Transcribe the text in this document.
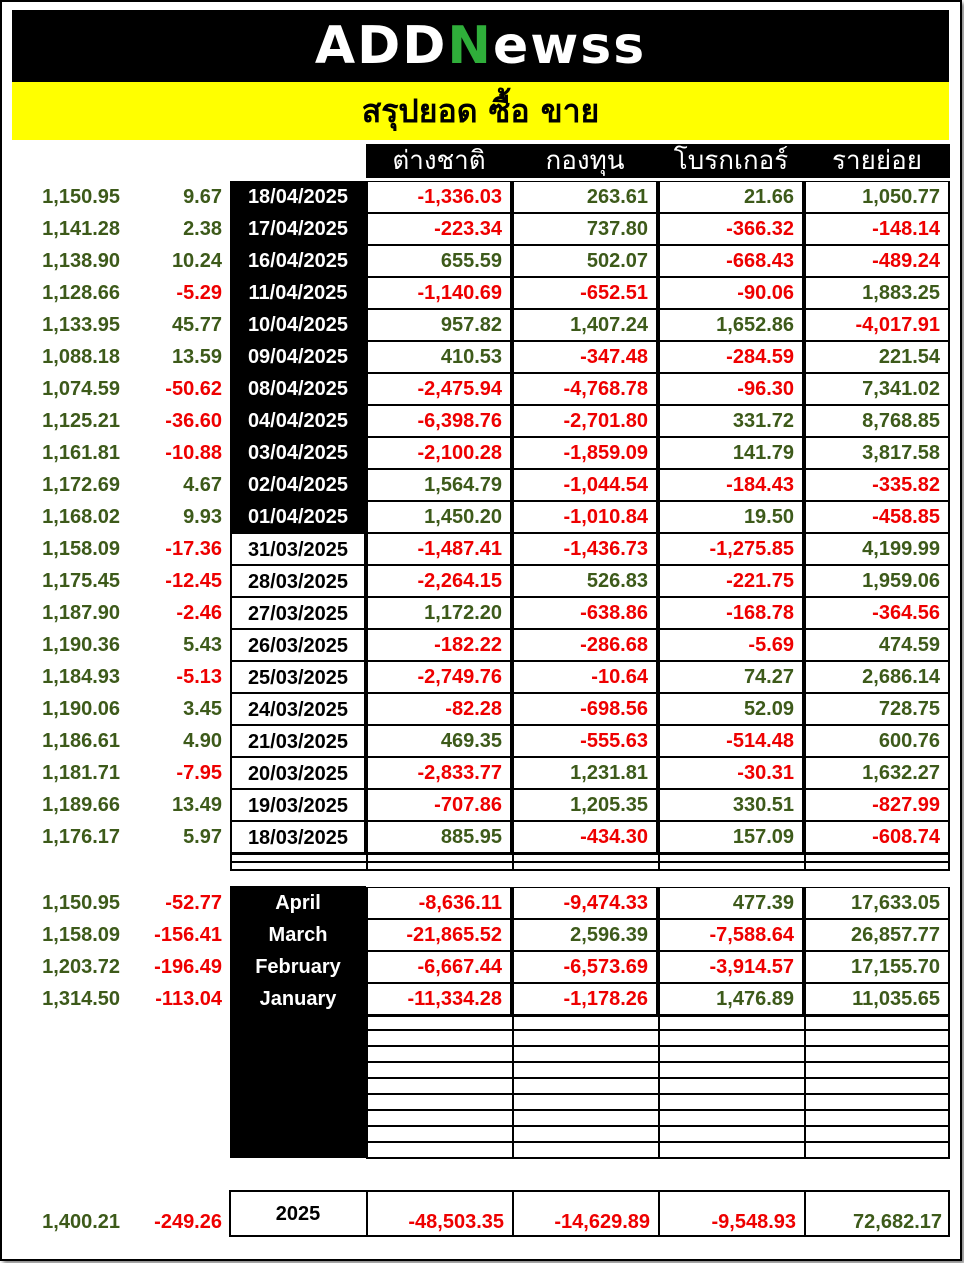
ADDNewss
สรุปยอด ซื้อ ขาย
ต่างชาติ	กองทุน	โบรกเกอร์	รายย่อย
1,150.95	9.67	18/04/2025	-1,336.03	263.61	21.66	1,050.77
1,141.28	2.38	17/04/2025	-223.34	737.80	-366.32	-148.14
1,138.90	10.24	16/04/2025	655.59	502.07	-668.43	-489.24
1,128.66	-5.29	11/04/2025	-1,140.69	-652.51	-90.06	1,883.25
1,133.95	45.77	10/04/2025	957.82	1,407.24	1,652.86	-4,017.91
1,088.18	13.59	09/04/2025	410.53	-347.48	-284.59	221.54
1,074.59	-50.62	08/04/2025	-2,475.94	-4,768.78	-96.30	7,341.02
1,125.21	-36.60	04/04/2025	-6,398.76	-2,701.80	331.72	8,768.85
1,161.81	-10.88	03/04/2025	-2,100.28	-1,859.09	141.79	3,817.58
1,172.69	4.67	02/04/2025	1,564.79	-1,044.54	-184.43	-335.82
1,168.02	9.93	01/04/2025	1,450.20	-1,010.84	19.50	-458.85
1,158.09	-17.36	31/03/2025	-1,487.41	-1,436.73	-1,275.85	4,199.99
1,175.45	-12.45	28/03/2025	-2,264.15	526.83	-221.75	1,959.06
1,187.90	-2.46	27/03/2025	1,172.20	-638.86	-168.78	-364.56
1,190.36	5.43	26/03/2025	-182.22	-286.68	-5.69	474.59
1,184.93	-5.13	25/03/2025	-2,749.76	-10.64	74.27	2,686.14
1,190.06	3.45	24/03/2025	-82.28	-698.56	52.09	728.75
1,186.61	4.90	21/03/2025	469.35	-555.63	-514.48	600.76
1,181.71	-7.95	20/03/2025	-2,833.77	1,231.81	-30.31	1,632.27
1,189.66	13.49	19/03/2025	-707.86	1,205.35	330.51	-827.99
1,176.17	5.97	18/03/2025	885.95	-434.30	157.09	-608.74
1,150.95	-52.77	April	-8,636.11	-9,474.33	477.39	17,633.05
1,158.09	-156.41	March	-21,865.52	2,596.39	-7,588.64	26,857.77
1,203.72	-196.49	February	-6,667.44	-6,573.69	-3,914.57	17,155.70
1,314.50	-113.04	January	-11,334.28	-1,178.26	1,476.89	11,035.65
1,400.21	-249.26	2025	-48,503.35	-14,629.89	-9,548.93	72,682.17
